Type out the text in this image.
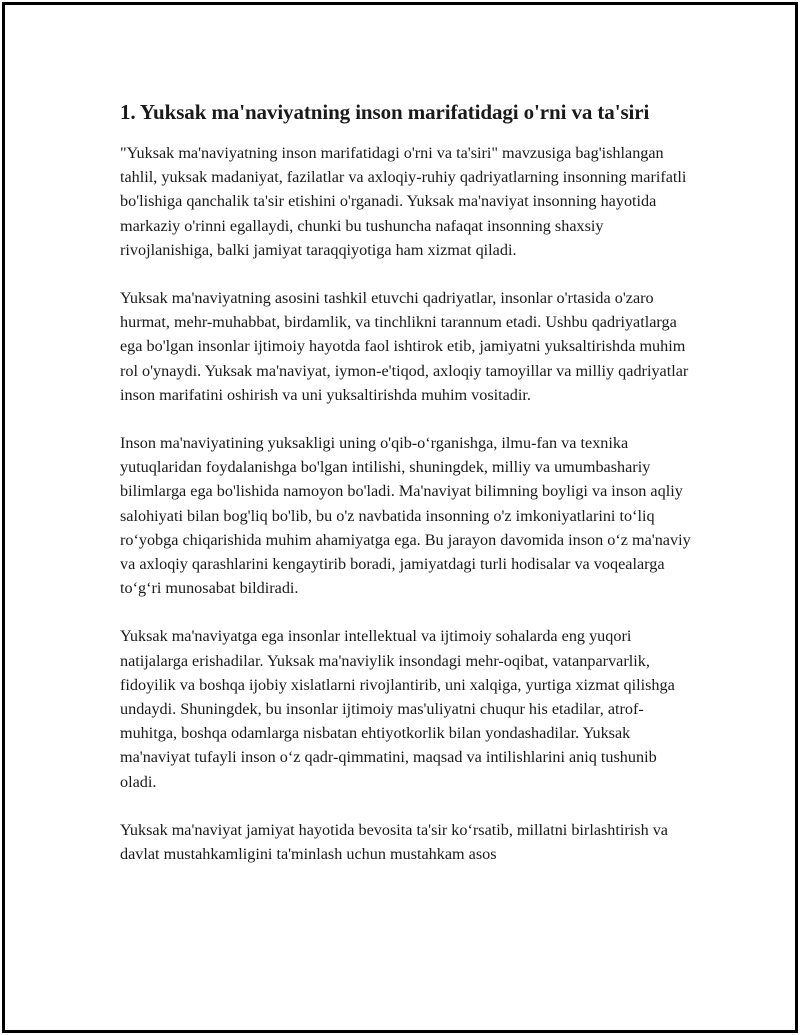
1. Yuksak ma'naviyatning inson marifatidagi o'rni va ta'siri

"Yuksak ma'naviyatning inson marifatidagi o'rni va ta'siri" mavzusiga bag'ishlangan tahlil, yuksak madaniyat, fazilatlar va axloqiy-ruhiy qadriyatlarning insonning marifatli bo'lishiga qanchalik ta'sir etishini o'rganadi. Yuksak ma'naviyat insonning hayotida markaziy o'rinni egallaydi, chunki bu tushuncha nafaqat insonning shaxsiy rivojlanishiga, balki jamiyat taraqqiyotiga ham xizmat qiladi.

Yuksak ma'naviyatning asosini tashkil etuvchi qadriyatlar, insonlar o'rtasida o'zaro hurmat, mehr-muhabbat, birdamlik, va tinchlikni tarannum etadi. Ushbu qadriyatlarga ega bo'lgan insonlar ijtimoiy hayotda faol ishtirok etib, jamiyatni yuksaltirishda muhim rol o'ynaydi. Yuksak ma'naviyat, iymon-e'tiqod, axloqiy tamoyillar va milliy qadriyatlar inson marifatini oshirish va uni yuksaltirishda muhim vositadir.

Inson ma'naviyatining yuksakligi uning o'qib-o‘rganishga, ilmu-fan va texnika yutuqlaridan foydalanishga bo'lgan intilishi, shuningdek, milliy va umumbashariy bilimlarga ega bo'lishida namoyon bo'ladi. Ma'naviyat bilimning boyligi va inson aqliy salohiyati bilan bog'liq bo'lib, bu o'z navbatida insonning o'z imkoniyatlarini to‘liq ro‘yobga chiqarishida muhim ahamiyatga ega. Bu jarayon davomida inson o‘z ma'naviy va axloqiy qarashlarini kengaytirib boradi, jamiyatdagi turli hodisalar va voqealarga to‘g‘ri munosabat bildiradi.

Yuksak ma'naviyatga ega insonlar intellektual va ijtimoiy sohalarda eng yuqori natijalarga erishadilar. Yuksak ma'naviylik insondagi mehr-oqibat, vatanparvarlik, fidoyilik va boshqa ijobiy xislatlarni rivojlantirib, uni xalqiga, yurtiga xizmat qilishga undaydi. Shuningdek, bu insonlar ijtimoiy mas'uliyatni chuqur his etadilar, atrof-muhitga, boshqa odamlarga nisbatan ehtiyotkorlik bilan yondashadilar. Yuksak ma'naviyat tufayli inson o‘z qadr-qimmatini, maqsad va intilishlarini aniq tushunib oladi.

Yuksak ma'naviyat jamiyat hayotida bevosita ta'sir ko‘rsatib, millatni birlashtirish va davlat mustahkamligini ta'minlash uchun mustahkam asos
